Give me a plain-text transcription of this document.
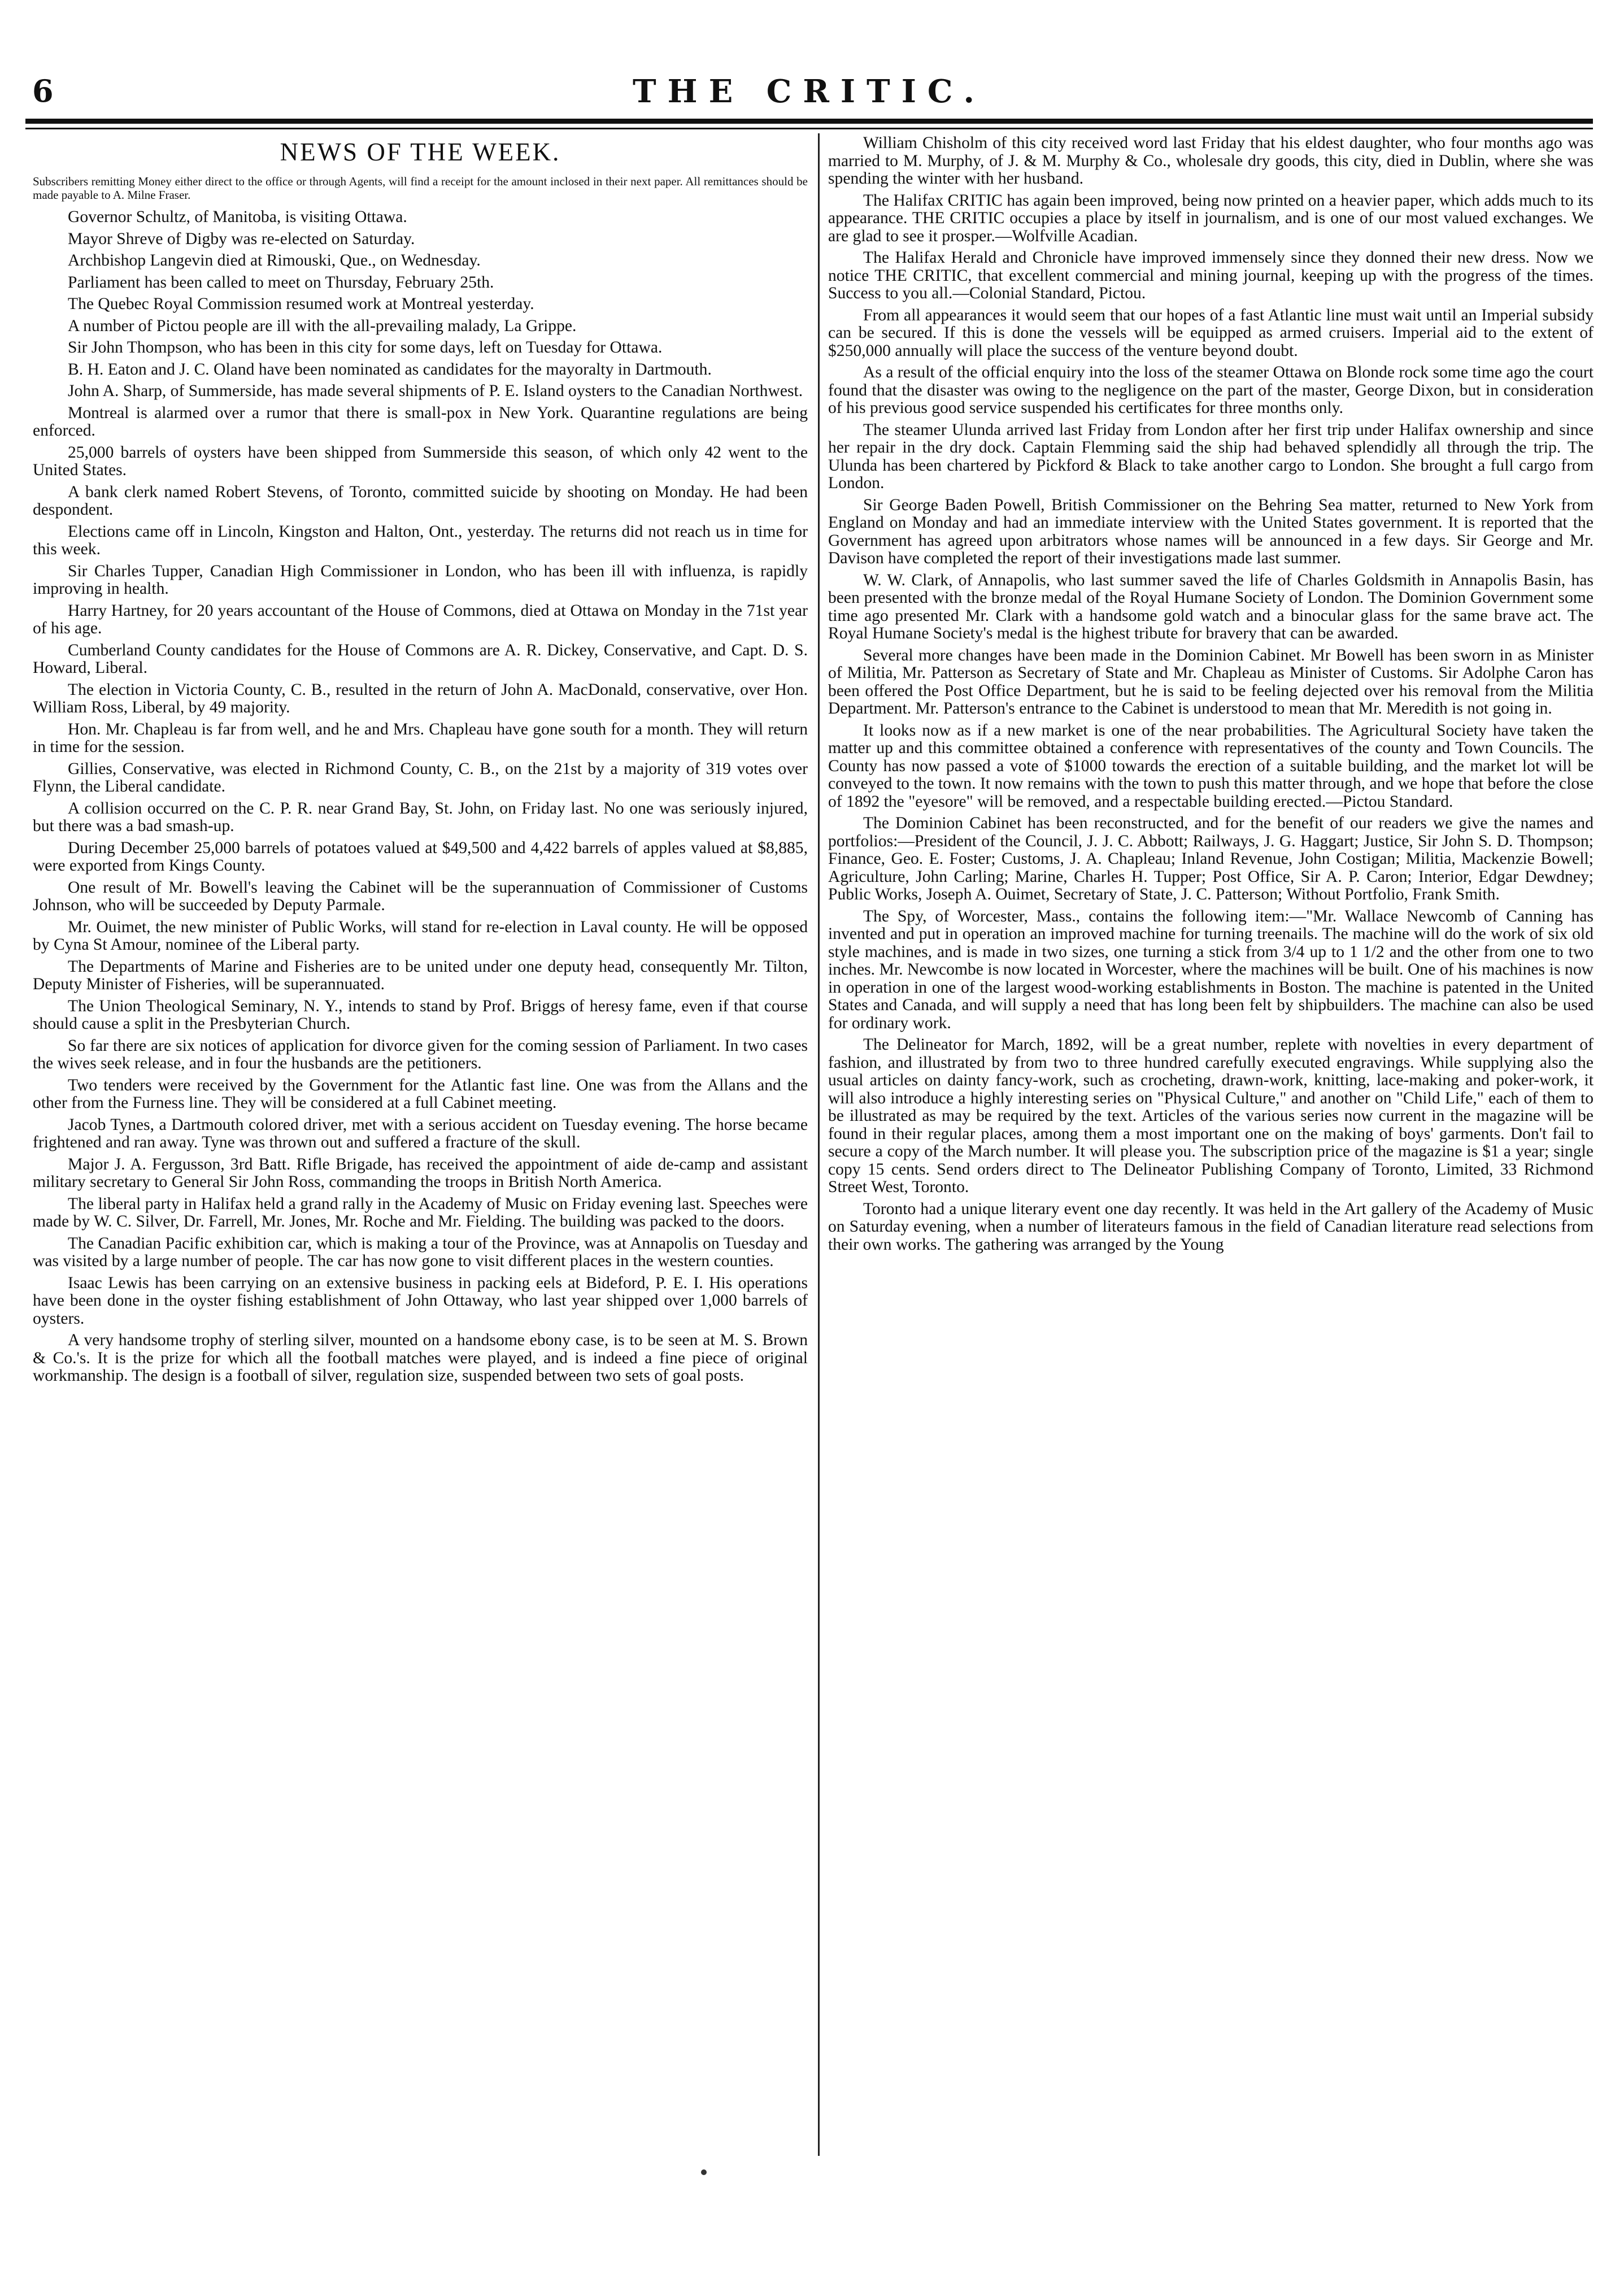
6	THE CRITIC.
NEWS OF THE WEEK.

Subscribers remitting Money either direct to the office or through Agents, will find a receipt for the amount inclosed in their next paper. All remittances should be made payable to A. Milne Fraser.

Governor Schultz, of Manitoba, is visiting Ottawa.

Mayor Shreve of Digby was re-elected on Saturday.

Archbishop Langevin died at Rimouski, Que., on Wednesday.

Parliament has been called to meet on Thursday, February 25th.

The Quebec Royal Commission resumed work at Montreal yesterday.

A number of Pictou people are ill with the all-prevailing malady, La Grippe.

Sir John Thompson, who has been in this city for some days, left on Tuesday for Ottawa.

B. H. Eaton and J. C. Oland have been nominated as candidates for the mayoralty in Dartmouth.

John A. Sharp, of Summerside, has made several shipments of P. E. Island oysters to the Canadian Northwest.

Montreal is alarmed over a rumor that there is small-pox in New York. Quarantine regulations are being enforced.

25,000 barrels of oysters have been shipped from Summerside this season, of which only 42 went to the United States.

A bank clerk named Robert Stevens, of Toronto, committed suicide by shooting on Monday. He had been despondent.

Elections came off in Lincoln, Kingston and Halton, Ont., yesterday. The returns did not reach us in time for this week.

Sir Charles Tupper, Canadian High Commissioner in London, who has been ill with influenza, is rapidly improving in health.

Harry Hartney, for 20 years accountant of the House of Commons, died at Ottawa on Monday in the 71st year of his age.

Cumberland County candidates for the House of Commons are A. R. Dickey, Conservative, and Capt. D. S. Howard, Liberal.

The election in Victoria County, C. B., resulted in the return of John A. MacDonald, conservative, over Hon. William Ross, Liberal, by 49 majority.

Hon. Mr. Chapleau is far from well, and he and Mrs. Chapleau have gone south for a month. They will return in time for the session.

Gillies, Conservative, was elected in Richmond County, C. B., on the 21st by a majority of 319 votes over Flynn, the Liberal candidate.

A collision occurred on the C. P. R. near Grand Bay, St. John, on Friday last. No one was seriously injured, but there was a bad smash-up.

During December 25,000 barrels of potatoes valued at $49,500 and 4,422 barrels of apples valued at $8,885, were exported from Kings County.

One result of Mr. Bowell's leaving the Cabinet will be the superannuation of Commissioner of Customs Johnson, who will be succeeded by Deputy Parmale.

Mr. Ouimet, the new minister of Public Works, will stand for re-election in Laval county. He will be opposed by Cyna St Amour, nominee of the Liberal party.

The Departments of Marine and Fisheries are to be united under one deputy head, consequently Mr. Tilton, Deputy Minister of Fisheries, will be superannuated.

The Union Theological Seminary, N. Y., intends to stand by Prof. Briggs of heresy fame, even if that course should cause a split in the Presbyterian Church.

So far there are six notices of application for divorce given for the coming session of Parliament. In two cases the wives seek release, and in four the husbands are the petitioners.

Two tenders were received by the Government for the Atlantic fast line. One was from the Allans and the other from the Furness line. They will be considered at a full Cabinet meeting.

Jacob Tynes, a Dartmouth colored driver, met with a serious accident on Tuesday evening. The horse became frightened and ran away. Tyne was thrown out and suffered a fracture of the skull.

Major J. A. Fergusson, 3rd Batt. Rifle Brigade, has received the appointment of aide de-camp and assistant military secretary to General Sir John Ross, commanding the troops in British North America.

The liberal party in Halifax held a grand rally in the Academy of Music on Friday evening last. Speeches were made by W. C. Silver, Dr. Farrell, Mr. Jones, Mr. Roche and Mr. Fielding. The building was packed to the doors.

The Canadian Pacific exhibition car, which is making a tour of the Province, was at Annapolis on Tuesday and was visited by a large number of people. The car has now gone to visit different places in the western counties.

Isaac Lewis has been carrying on an extensive business in packing eels at Bideford, P. E. I. His operations have been done in the oyster fishing establishment of John Ottaway, who last year shipped over 1,000 barrels of oysters.

A very handsome trophy of sterling silver, mounted on a handsome ebony case, is to be seen at M. S. Brown & Co.'s. It is the prize for which all the football matches were played, and is indeed a fine piece of original workmanship. The design is a football of silver, regulation size, suspended between two sets of goal posts.

William Chisholm of this city received word last Friday that his eldest daughter, who four months ago was married to M. Murphy, of J. & M. Murphy & Co., wholesale dry goods, this city, died in Dublin, where she was spending the winter with her husband.

The Halifax CRITIC has again been improved, being now printed on a heavier paper, which adds much to its appearance. THE CRITIC occupies a place by itself in journalism, and is one of our most valued exchanges. We are glad to see it prosper.—Wolfville Acadian.

The Halifax Herald and Chronicle have improved immensely since they donned their new dress. Now we notice THE CRITIC, that excellent commercial and mining journal, keeping up with the progress of the times. Success to you all.—Colonial Standard, Pictou.

From all appearances it would seem that our hopes of a fast Atlantic line must wait until an Imperial subsidy can be secured. If this is done the vessels will be equipped as armed cruisers. Imperial aid to the extent of $250,000 annually will place the success of the venture beyond doubt.

As a result of the official enquiry into the loss of the steamer Ottawa on Blonde rock some time ago the court found that the disaster was owing to the negligence on the part of the master, George Dixon, but in consideration of his previous good service suspended his certificates for three months only.

The steamer Ulunda arrived last Friday from London after her first trip under Halifax ownership and since her repair in the dry dock. Captain Flemming said the ship had behaved splendidly all through the trip. The Ulunda has been chartered by Pickford & Black to take another cargo to London. She brought a full cargo from London.

Sir George Baden Powell, British Commissioner on the Behring Sea matter, returned to New York from England on Monday and had an immediate interview with the United States government. It is reported that the Government has agreed upon arbitrators whose names will be announced in a few days. Sir George and Mr. Davison have completed the report of their investigations made last summer.

W. W. Clark, of Annapolis, who last summer saved the life of Charles Goldsmith in Annapolis Basin, has been presented with the bronze medal of the Royal Humane Society of London. The Dominion Government some time ago presented Mr. Clark with a handsome gold watch and a binocular glass for the same brave act. The Royal Humane Society's medal is the highest tribute for bravery that can be awarded.

Several more changes have been made in the Dominion Cabinet. Mr Bowell has been sworn in as Minister of Militia, Mr. Patterson as Secretary of State and Mr. Chapleau as Minister of Customs. Sir Adolphe Caron has been offered the Post Office Department, but he is said to be feeling dejected over his removal from the Militia Department. Mr. Patterson's entrance to the Cabinet is understood to mean that Mr. Meredith is not going in.

It looks now as if a new market is one of the near probabilities. The Agricultural Society have taken the matter up and this committee obtained a conference with representatives of the county and Town Councils. The County has now passed a vote of $1000 towards the erection of a suitable building, and the market lot will be conveyed to the town. It now remains with the town to push this matter through, and we hope that before the close of 1892 the "eyesore" will be removed, and a respectable building erected.—Pictou Standard.

The Dominion Cabinet has been reconstructed, and for the benefit of our readers we give the names and portfolios:—President of the Council, J. J. C. Abbott; Railways, J. G. Haggart; Justice, Sir John S. D. Thompson; Finance, Geo. E. Foster; Customs, J. A. Chapleau; Inland Revenue, John Costigan; Militia, Mackenzie Bowell; Agriculture, John Carling; Marine, Charles H. Tupper; Post Office, Sir A. P. Caron; Interior, Edgar Dewdney; Public Works, Joseph A. Ouimet, Secretary of State, J. C. Patterson; Without Portfolio, Frank Smith.

The Spy, of Worcester, Mass., contains the following item:—"Mr. Wallace Newcomb of Canning has invented and put in operation an improved machine for turning treenails. The machine will do the work of six old style machines, and is made in two sizes, one turning a stick from 3/4 up to 1 1/2 and the other from one to two inches. Mr. Newcombe is now located in Worcester, where the machines will be built. One of his machines is now in operation in one of the largest wood-working establishments in Boston. The machine is patented in the United States and Canada, and will supply a need that has long been felt by shipbuilders. The machine can also be used for ordinary work.

The Delineator for March, 1892, will be a great number, replete with novelties in every department of fashion, and illustrated by from two to three hundred carefully executed engravings. While supplying also the usual articles on dainty fancy-work, such as crocheting, drawn-work, knitting, lace-making and poker-work, it will also introduce a highly interesting series on "Physical Culture," and another on "Child Life," each of them to be illustrated as may be required by the text. Articles of the various series now current in the magazine will be found in their regular places, among them a most important one on the making of boys' garments. Don't fail to secure a copy of the March number. It will please you. The subscription price of the magazine is $1 a year; single copy 15 cents. Send orders direct to The Delineator Publishing Company of Toronto, Limited, 33 Richmond Street West, Toronto.

Toronto had a unique literary event one day recently. It was held in the Art gallery of the Academy of Music on Saturday evening, when a number of literateurs famous in the field of Canadian literature read selections from their own works. The gathering was arranged by the Young
